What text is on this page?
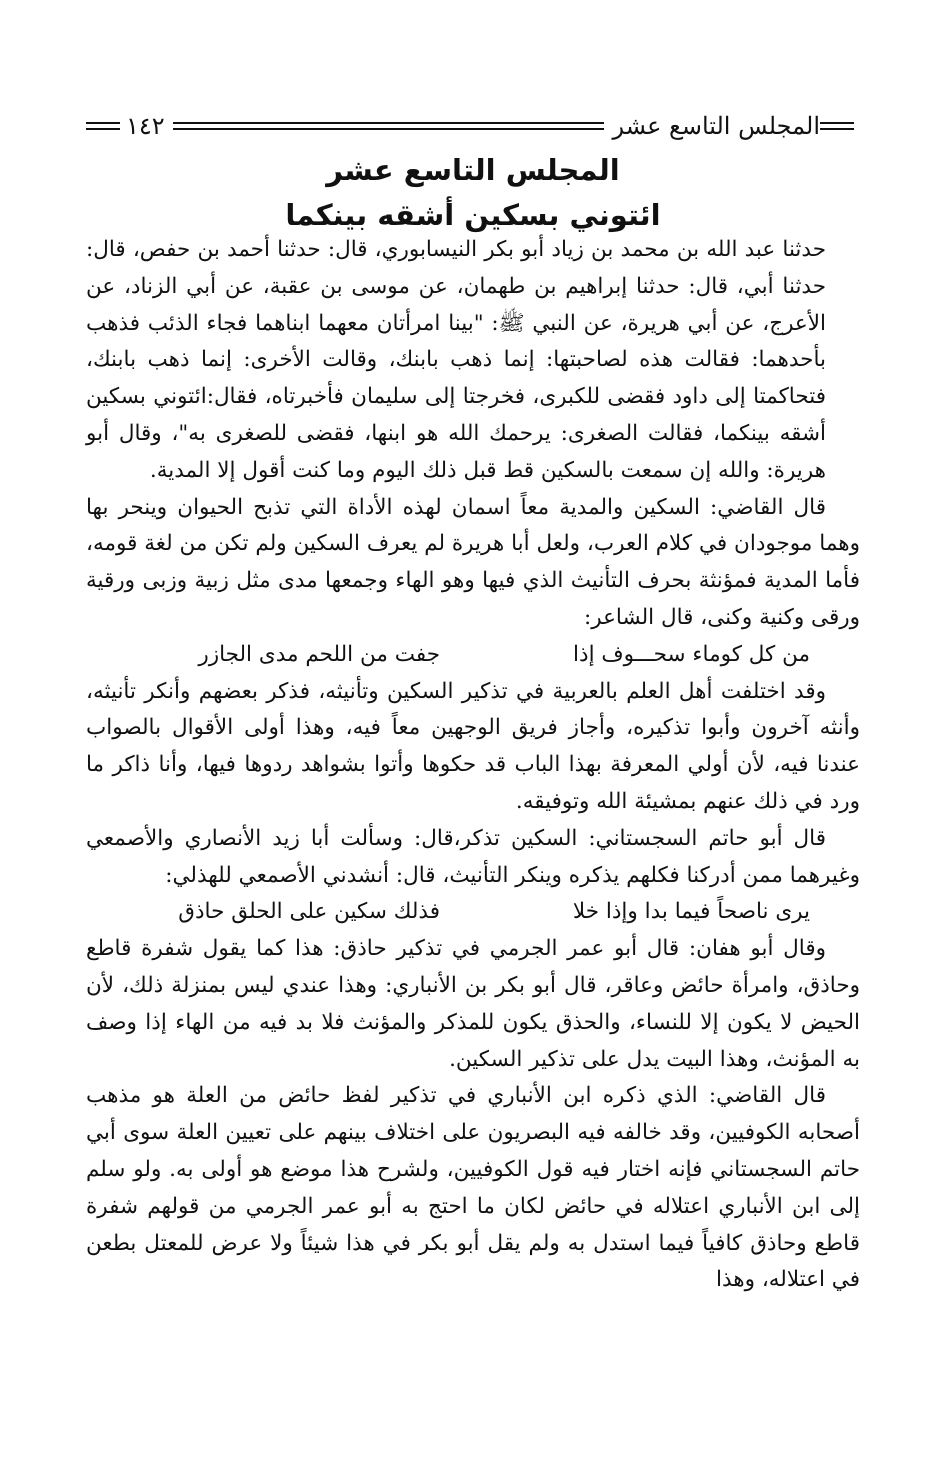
المجلس التاسع عشر
١٤٢
المجلس التاسع عشر
ائتوني بسكين أشقه بينكما

حدثنا عبد الله بن محمد بن زياد أبو بكر النيسابوري، قال: حدثنا أحمد بن حفص، قال: حدثنا أبي، قال: حدثنا إبراهيم بن طهمان، عن موسى بن عقبة، عن أبي الزناد، عن الأعرج، عن أبي هريرة، عن النبي ﷺ: "بينا امرأتان معهما ابناهما فجاء الذئب فذهب بأحدهما: فقالت هذه لصاحبتها: إنما ذهب بابنك، وقالت الأخرى: إنما ذهب بابنك، فتحاكمتا إلى داود فقضى للكبرى، فخرجتا إلى سليمان فأخبرتاه، فقال:ائتوني بسكين أشقه بينكما، فقالت الصغرى: يرحمك الله هو ابنها، فقضى للصغرى به"، وقال أبو هريرة: والله إن سمعت بالسكين قط قبل ذلك اليوم وما كنت أقول إلا المدية.

قال القاضي: السكين والمدية معاً اسمان لهذه الأداة التي تذبح الحيوان وينحر بها وهما موجودان في كلام العرب، ولعل أبا هريرة لم يعرف السكين ولم تكن من لغة قومه، فأما المدية فمؤنثة بحرف التأنيث الذي فيها وهو الهاء وجمعها مدى مثل زبية وزبى ورقية ورقى وكنية وكنى، قال الشاعر:

من كل كوماء سحـــوف إذا
جفت من اللحم مدى الجازر

وقد اختلفت أهل العلم بالعربية في تذكير السكين وتأنيثه، فذكر بعضهم وأنكر تأنيثه، وأنثه آخرون وأبوا تذكيره، وأجاز فريق الوجهين معاً فيه، وهذا أولى الأقوال بالصواب عندنا فيه، لأن أولي المعرفة بهذا الباب قد حكوها وأتوا بشواهد ردوها فيها، وأنا ذاكر ما ورد في ذلك عنهم بمشيئة الله وتوفيقه.

قال أبو حاتم السجستاني: السكين تذكر،قال: وسألت أبا زيد الأنصاري والأصمعي وغيرهما ممن أدركنا فكلهم يذكره وينكر التأنيث، قال: أنشدني الأصمعي للهذلي:

يرى ناصحاً فيما بدا وإذا خلا
فذلك سكين على الحلق حاذق

وقال أبو هفان: قال أبو عمر الجرمي في تذكير حاذق: هذا كما يقول شفرة قاطع وحاذق، وامرأة حائض وعاقر، قال أبو بكر بن الأنباري: وهذا عندي ليس بمنزلة ذلك، لأن الحيض لا يكون إلا للنساء، والحذق يكون للمذكر والمؤنث فلا بد فيه من الهاء إذا وصف به المؤنث، وهذا البيت يدل على تذكير السكين.

قال القاضي: الذي ذكره ابن الأنباري في تذكير لفظ حائض من العلة هو مذهب أصحابه الكوفيين، وقد خالفه فيه البصريون على اختلاف بينهم على تعيين العلة سوى أبي حاتم السجستاني فإنه اختار فيه قول الكوفيين، ولشرح هذا موضع هو أولى به. ولو سلم إلى ابن الأنباري اعتلاله في حائض لكان ما احتج به أبو عمر الجرمي من قولهم شفرة قاطع وحاذق كافياً فيما استدل به ولم يقل أبو بكر في هذا شيئاً ولا عرض للمعتل بطعن في اعتلاله، وهذا
